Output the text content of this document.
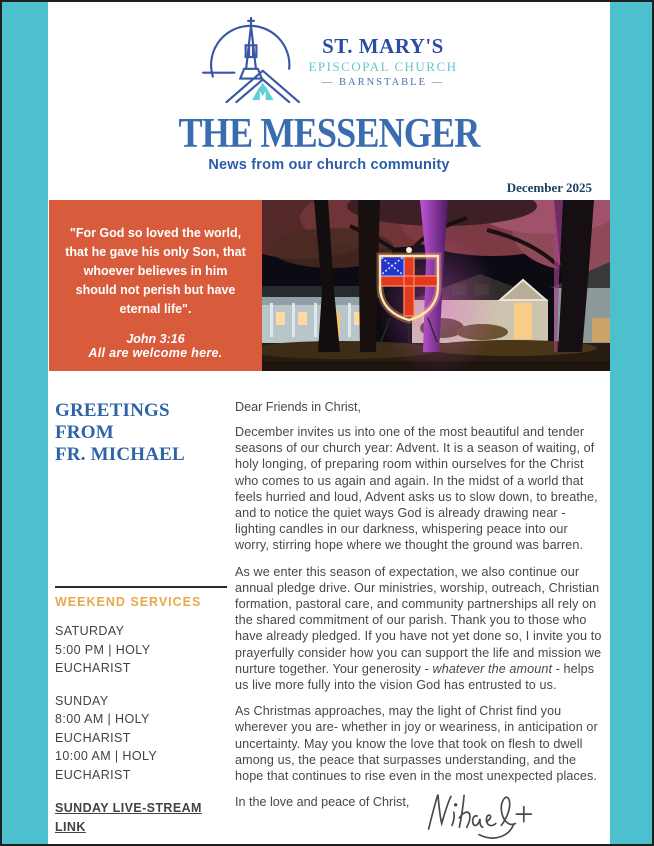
ST. MARY'S
EPISCOPAL CHURCH
— BARNSTABLE —
THE MESSENGER

News from our church community

December 2025

"For God so loved the world, that he gave his only Son, that whoever believes in him should not perish but have eternal life".

John 3:16

All are welcome here.

GREETINGS FROM
FR. MICHAEL
WEEKEND SERVICES
SATURDAY
5:00 PM | HOLY EUCHARIST
SUNDAY
8:00 AM | HOLY EUCHARIST
10:00 AM | HOLY EUCHARIST
SUNDAY LIVE-STREAM LINK

Dear Friends in Christ,

December invites us into one of the most beautiful and tender seasons of our church year: Advent. It is a season of waiting, of holy longing, of preparing room within ourselves for the Christ who comes to us again and again. In the midst of a world that feels hurried and loud, Advent asks us to slow down, to breathe, and to notice the quiet ways God is already drawing near - lighting candles in our darkness, whispering peace into our worry, stirring hope where we thought the ground was barren.

As we enter this season of expectation, we also continue our annual pledge drive. Our ministries, worship, outreach, Christian formation, pastoral care, and community partnerships all rely on the shared commitment of our parish. Thank you to those who have already pledged. If you have not yet done so, I invite you to prayerfully consider how you can support the life and mission we nurture together. Your generosity - whatever the amount - helps us live more fully into the vision God has entrusted to us.

As Christmas approaches, may the light of Christ find you wherever you are- whether in joy or weariness, in anticipation or uncertainty. May you know the love that took on flesh to dwell among us, the peace that surpasses understanding, and the hope that continues to rise even in the most unexpected places.

In the love and peace of Christ,
